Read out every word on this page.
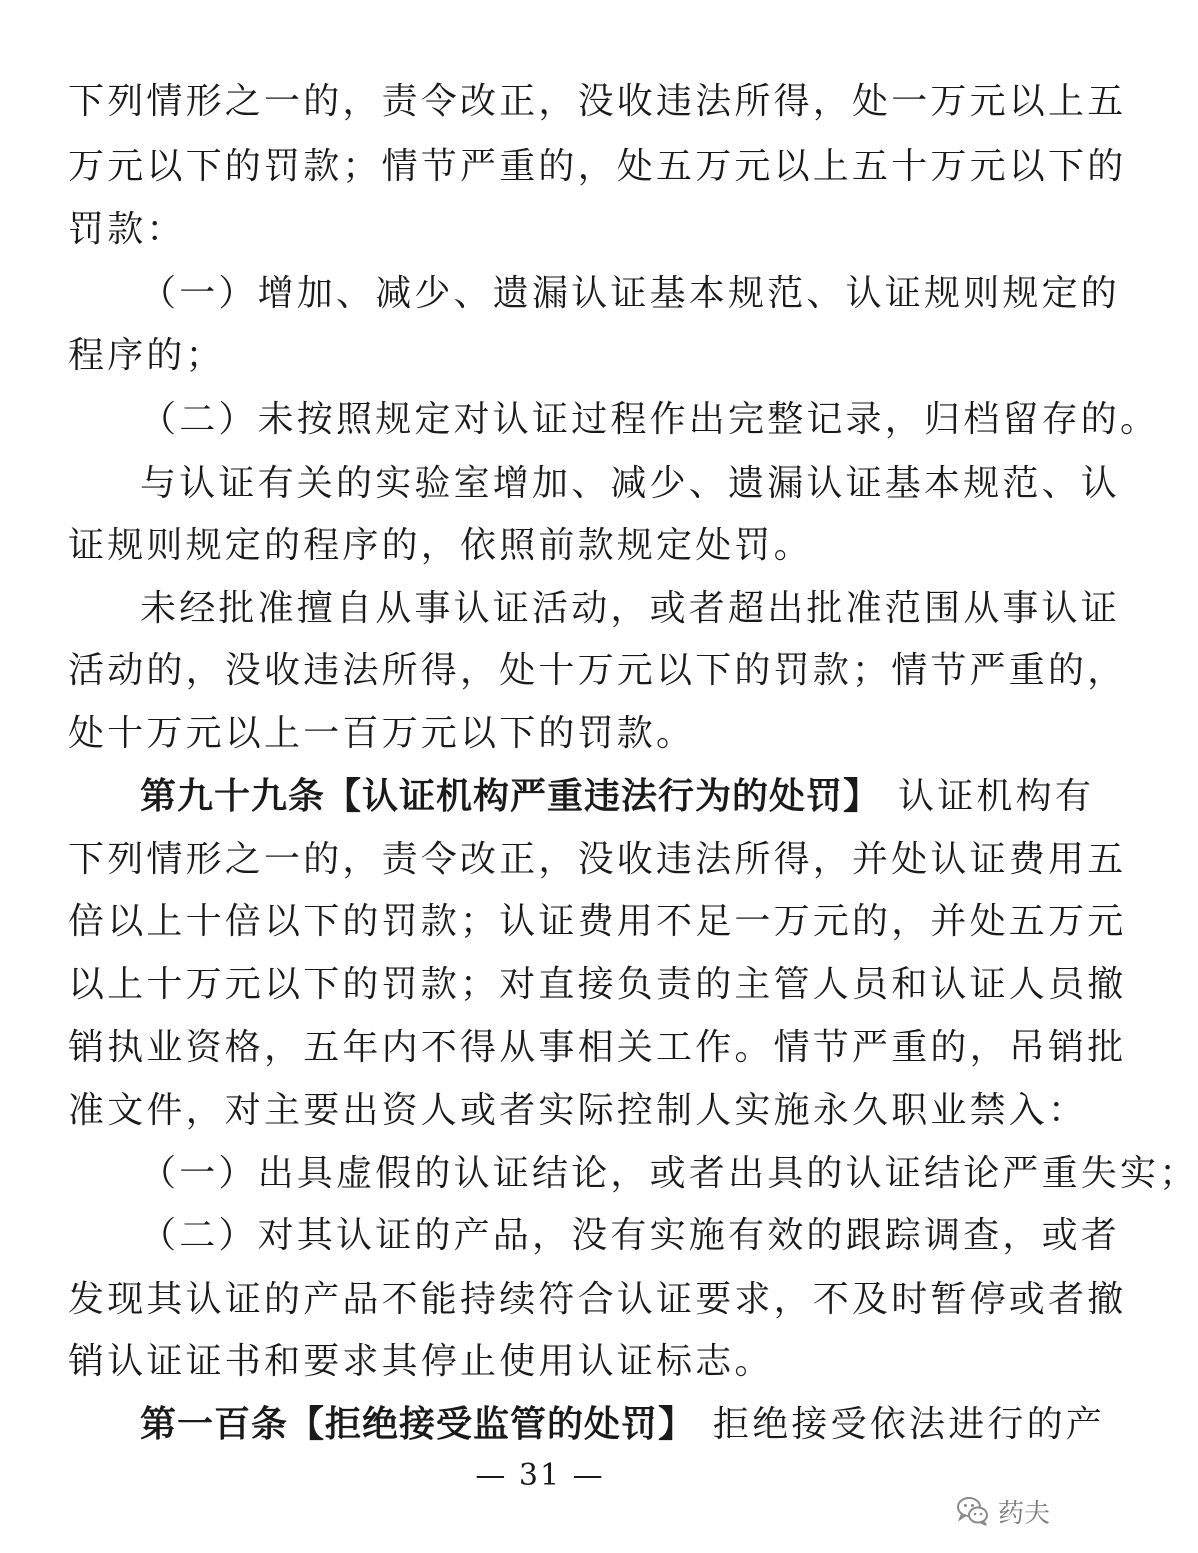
下列情形之一的，责令改正，没收违法所得，处一万元以上五
万元以下的罚款；情节严重的，处五万元以上五十万元以下的
罚款：
（一）增加、减少、遗漏认证基本规范、认证规则规定的
程序的；
（二）未按照规定对认证过程作出完整记录，归档留存的。
与认证有关的实验室增加、减少、遗漏认证基本规范、认
证规则规定的程序的，依照前款规定处罚。
未经批准擅自从事认证活动，或者超出批准范围从事认证
活动的，没收违法所得，处十万元以下的罚款；情节严重的，
处十万元以上一百万元以下的罚款。
第九十九条【认证机构严重违法行为的处罚】 认证机构有
下列情形之一的，责令改正，没收违法所得，并处认证费用五
倍以上十倍以下的罚款；认证费用不足一万元的，并处五万元
以上十万元以下的罚款；对直接负责的主管人员和认证人员撤
销执业资格，五年内不得从事相关工作。情节严重的，吊销批
准文件，对主要出资人或者实际控制人实施永久职业禁入：
（一）出具虚假的认证结论，或者出具的认证结论严重失实；
（二）对其认证的产品，没有实施有效的跟踪调查，或者
发现其认证的产品不能持续符合认证要求，不及时暂停或者撤
销认证证书和要求其停止使用认证标志。
第一百条【拒绝接受监管的处罚】 拒绝接受依法进行的产
— 31 —
药夫
